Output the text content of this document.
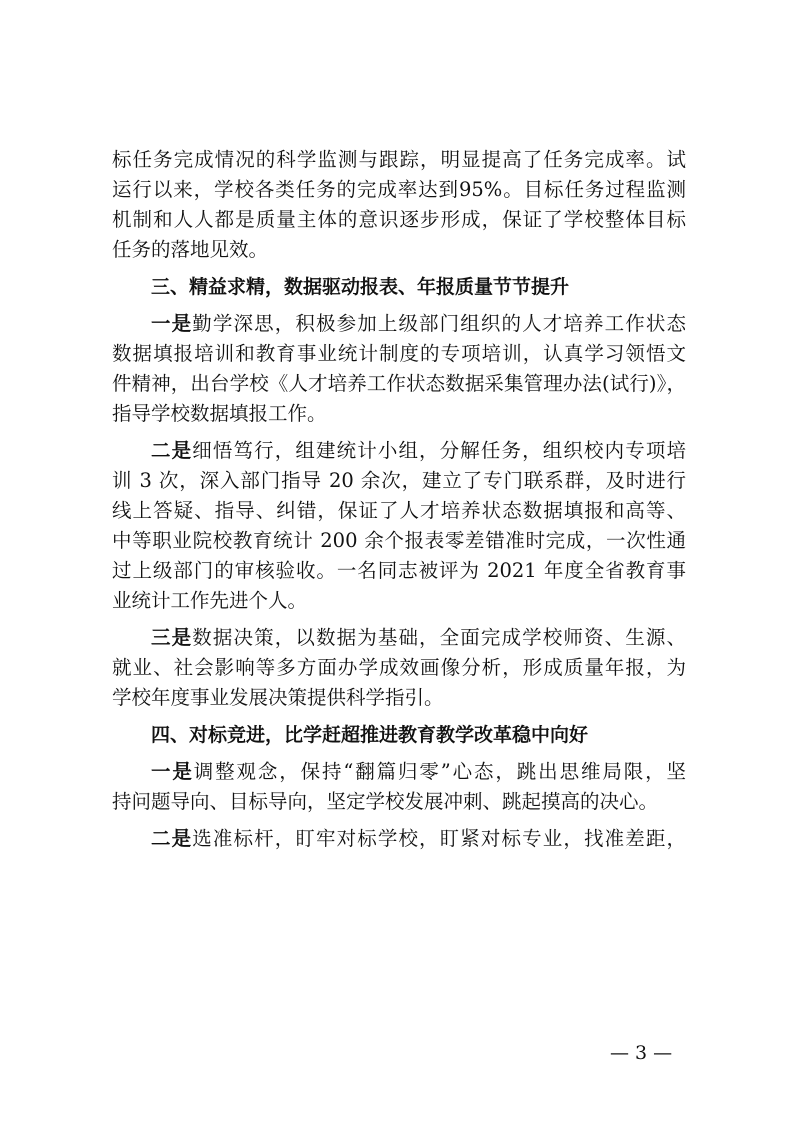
标任务完成情况的科学监测与跟踪，明显提高了任务完成率。试
运行以来，学校各类任务的完成率达到95%。目标任务过程监测
机制和人人都是质量主体的意识逐步形成，保证了学校整体目标
任务的落地见效。
三、精益求精，数据驱动报表、年报质量节节提升
一是勤学深思，积极参加上级部门组织的人才培养工作状态
数据填报培训和教育事业统计制度的专项培训，认真学习领悟文
件精神，出台学校《人才培养工作状态数据采集管理办法(试行)》，
指导学校数据填报工作。
二是细悟笃行，组建统计小组，分解任务，组织校内专项培
训 3 次，深入部门指导 20 余次，建立了专门联系群，及时进行
线上答疑、指导、纠错，保证了人才培养状态数据填报和高等、
中等职业院校教育统计 200 余个报表零差错准时完成，一次性通
过上级部门的审核验收。一名同志被评为 2021 年度全省教育事
业统计工作先进个人。
三是数据决策，以数据为基础，全面完成学校师资、生源、
就业、社会影响等多方面办学成效画像分析，形成质量年报，为
学校年度事业发展决策提供科学指引。
四、对标竞进，比学赶超推进教育教学改革稳中向好
一是调整观念，保持“翻篇归零”心态，跳出思维局限，坚
持问题导向、目标导向，坚定学校发展冲刺、跳起摸高的决心。
二是选准标杆，盯牢对标学校，盯紧对标专业，找准差距，
— 3 —
